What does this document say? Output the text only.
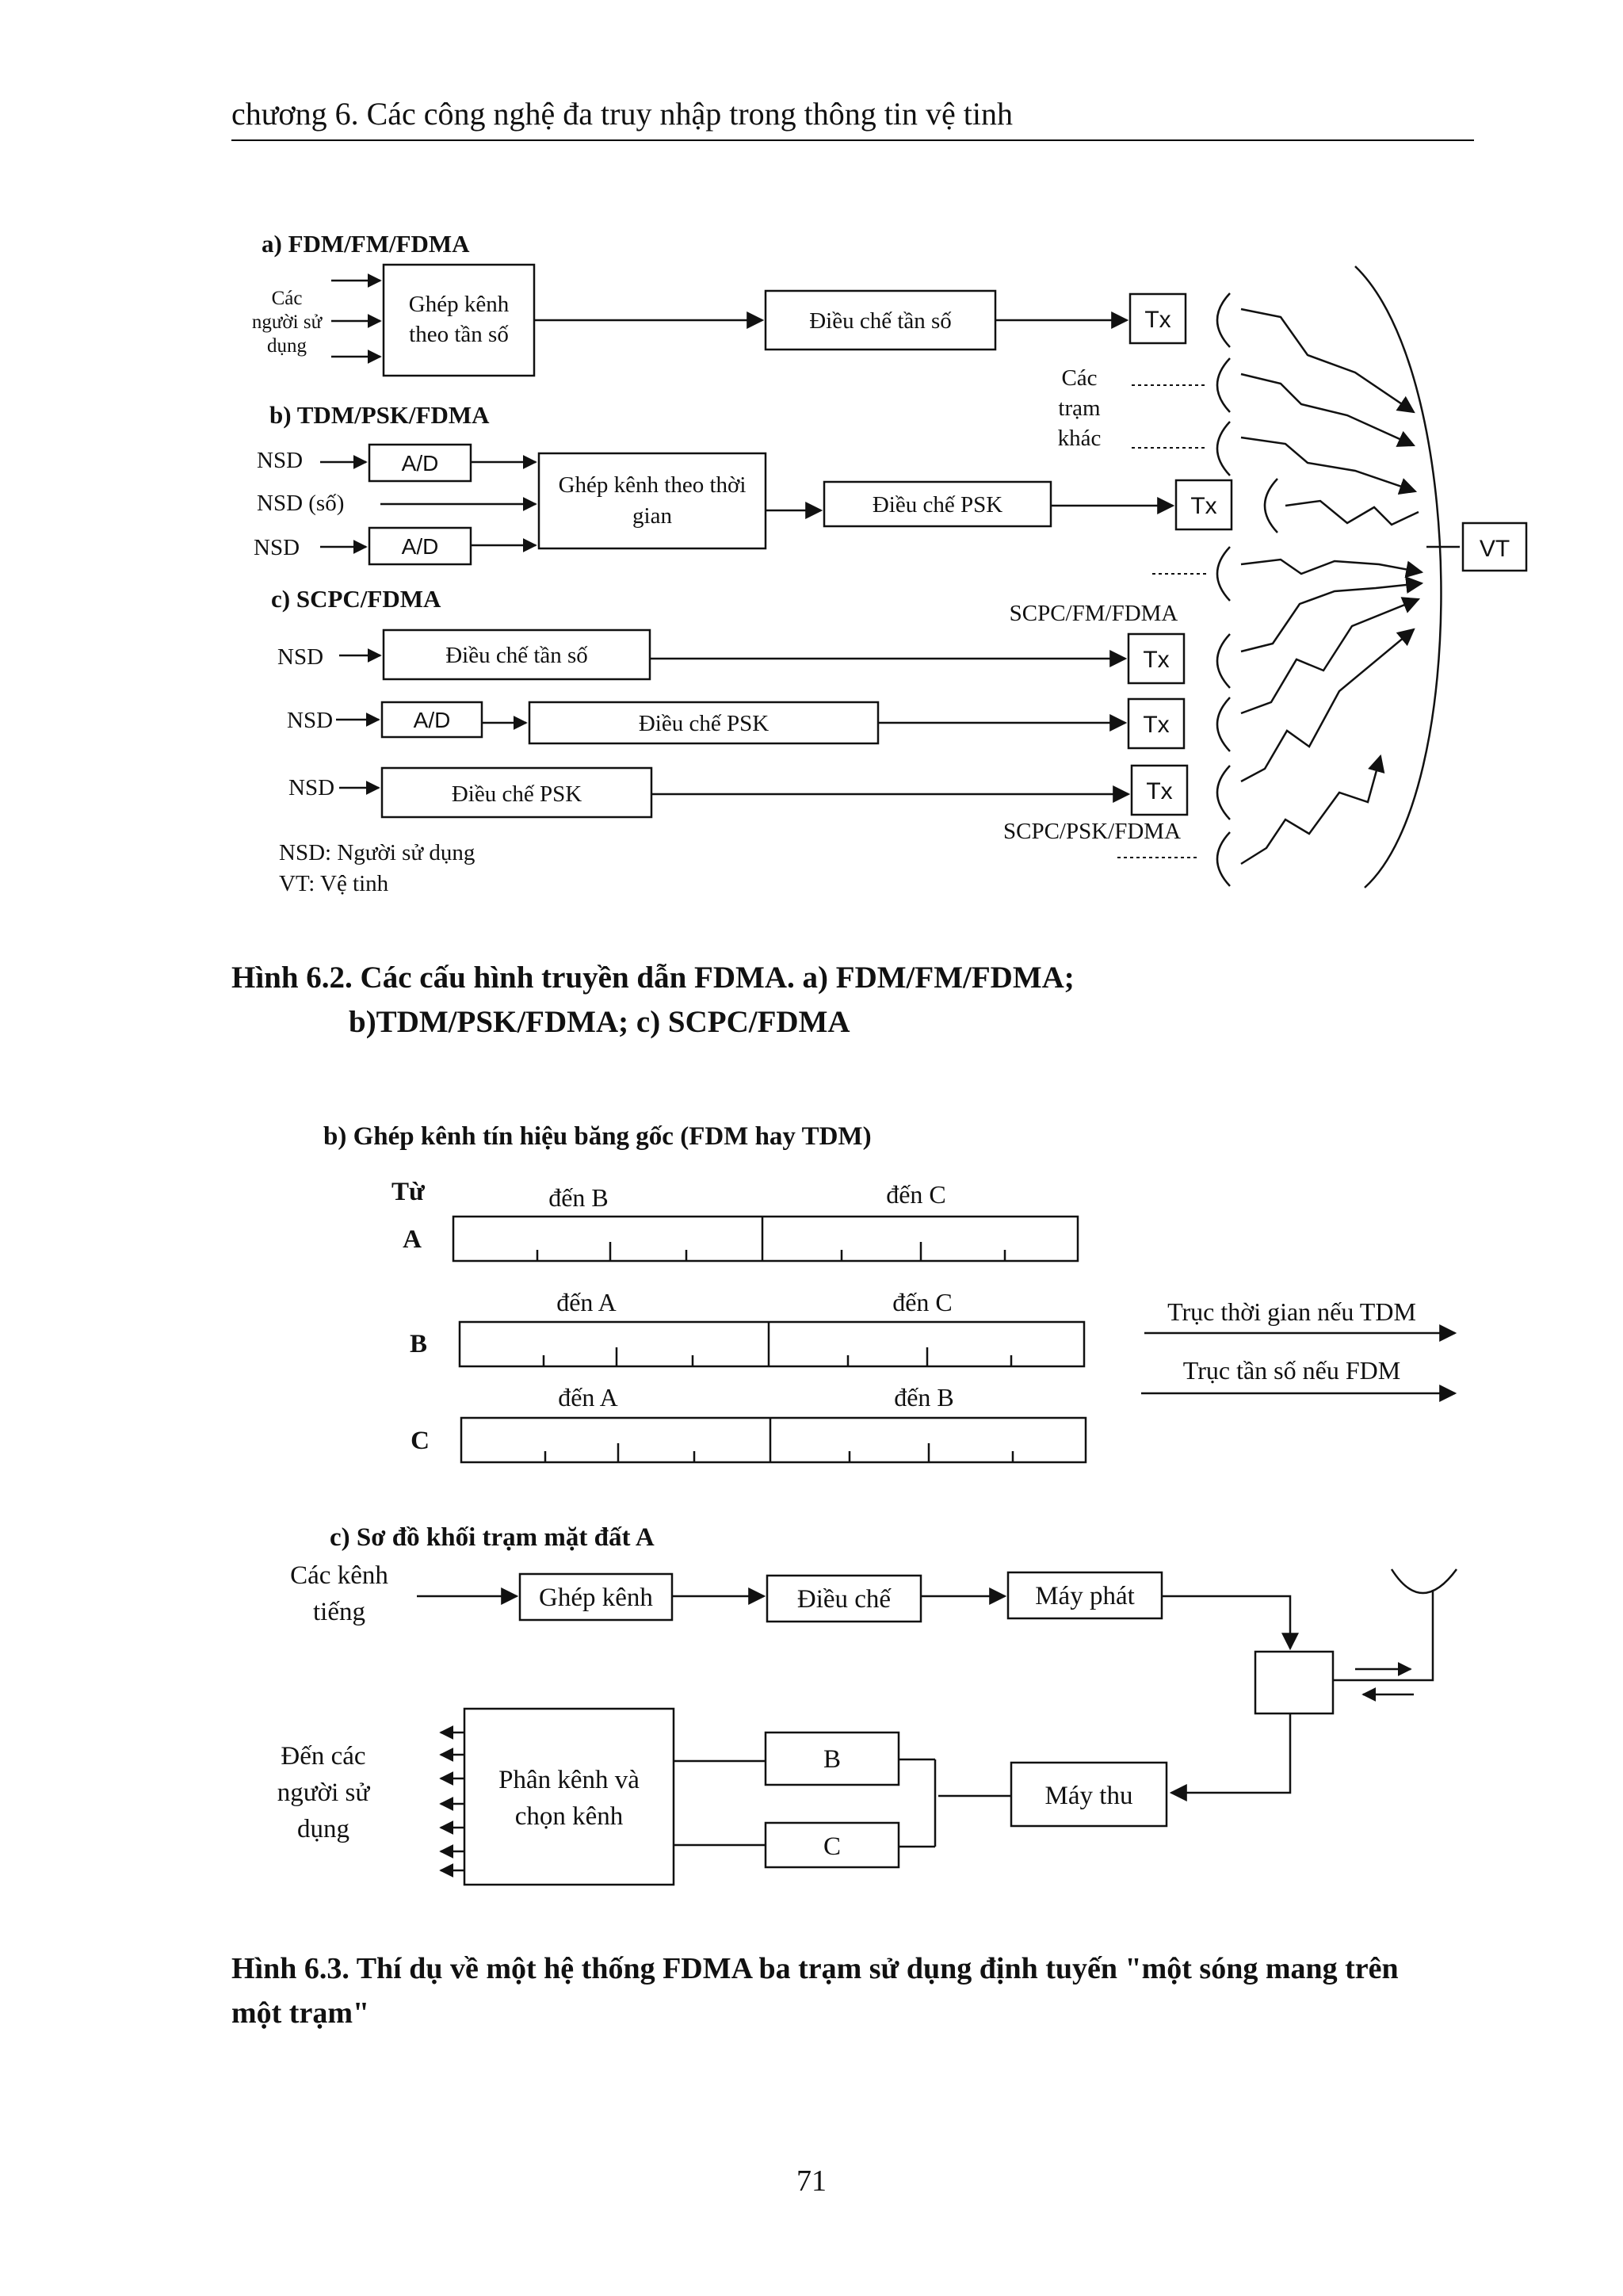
chương 6. Các công nghệ đa truy nhập trong thông tin vệ tinh
a) FDM/FM/FDMA
Các
người sử
dụng
Ghép kênh
theo tần số
Điều chế tần số	Tx
b) TDM/PSK/FDMA
NSD
NSD (số)
NSD
A/D
A/D
Ghép kênh theo thời
gian	Điều chế PSK	Tx
Các
trạm
khác
c) SCPC/FDMA
SCPC/FM/FDMA
NSD	Điều chế tần số	Tx
NSD	A/D	Điều chế PSK	Tx
NSD	Điều chế PSK	Tx
SCPC/PSK/FDMA
NSD: Người sử dụng
VT: Vệ tinh
VT
b) Ghép kênh tín hiệu băng gốc (FDM hay TDM)
Từ
A
B
C
đến B	đến C
đến A	đến C
đến A	đến B
Trục thời gian nếu TDM
Trục tần số nếu FDM
c) Sơ đồ khối trạm mặt đất A
Các kênh
tiếng	Ghép kênh	Điều chế	Máy phát
Máy thu
B
C
Phân kênh và
chọn kênh
Đến các
người sử
dụng
Hình 6.2. Các cấu hình truyền dẫn FDMA. a) FDM/FM/FDMA;
b)TDM/PSK/FDMA; c) SCPC/FDMA
Hình 6.3. Thí dụ về một hệ thống FDMA ba trạm sử dụng định tuyến "một sóng mang trên
một trạm"
71
